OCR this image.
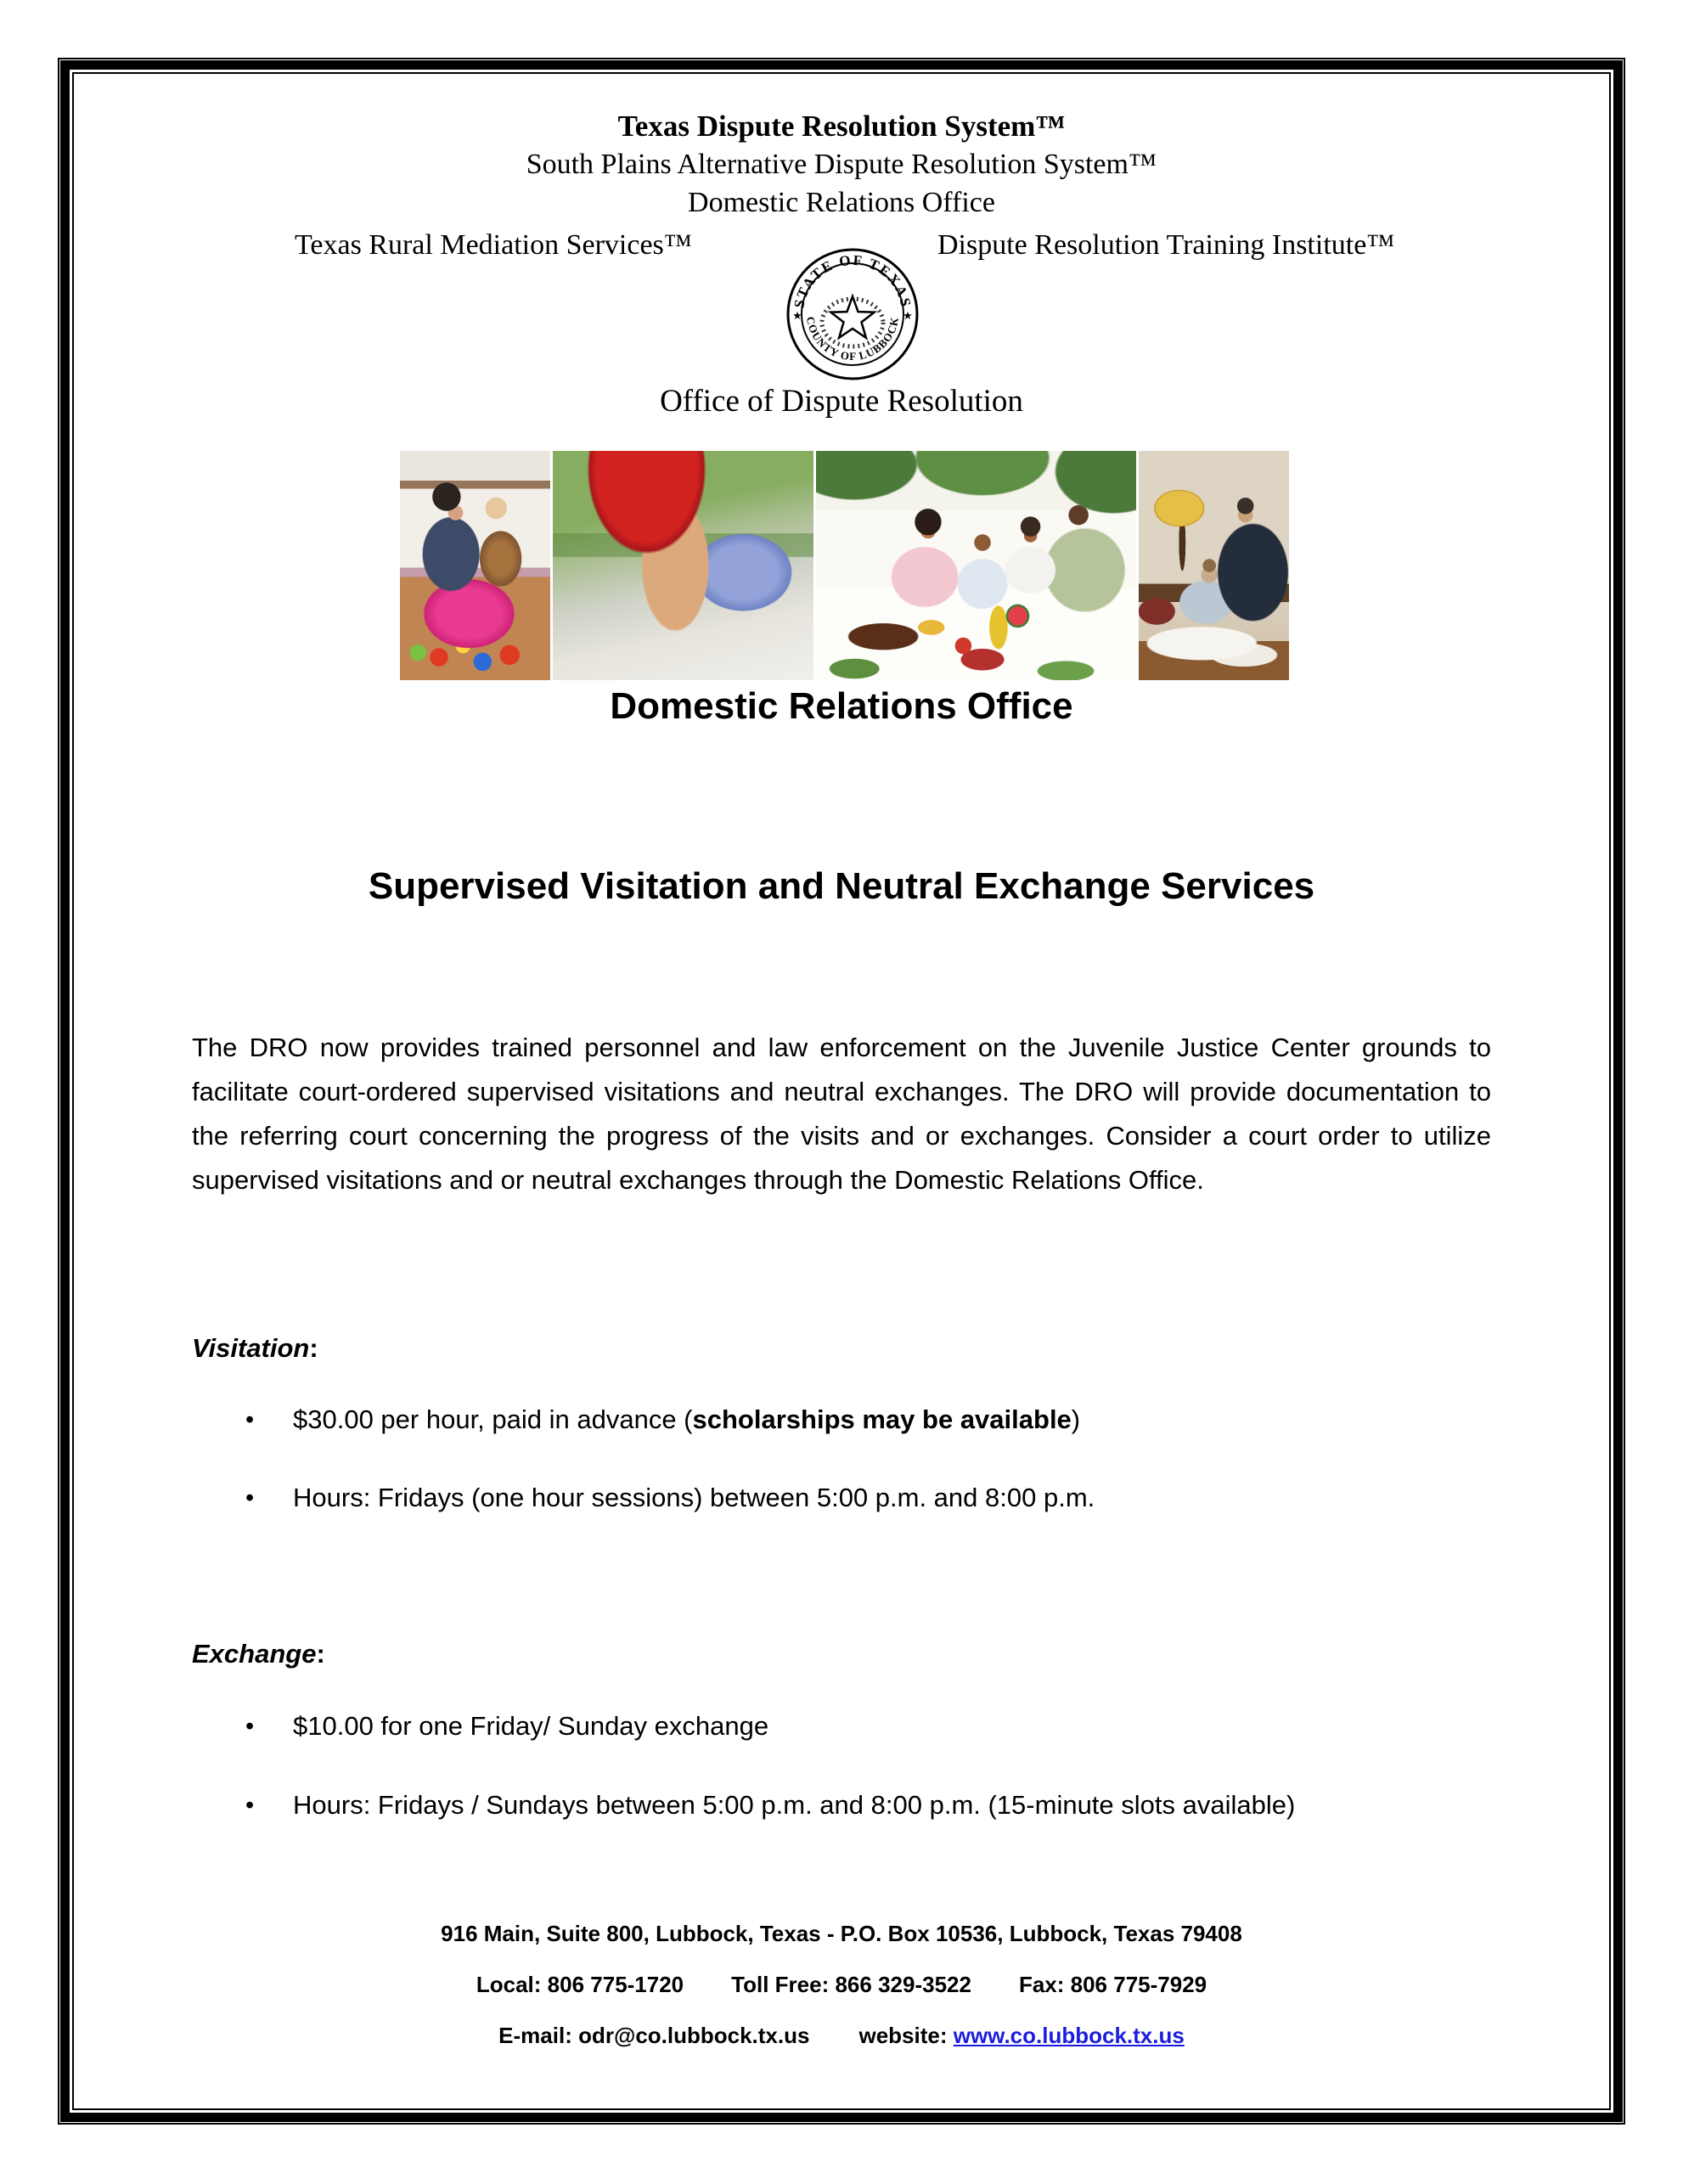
Texas Dispute Resolution System™
South Plains Alternative Dispute Resolution System™
Domestic Relations Office
Texas Rural Mediation Services™	Dispute Resolution Training Institute™
STATE OF TEXAS
COUNTY OF LUBBOCK
★	★
Office of Dispute Resolution
Domestic Relations Office
Supervised Visitation and Neutral Exchange Services
The DRO now provides trained personnel and law enforcement on the Juvenile Justice Center grounds to facilitate court-ordered supervised visitations and neutral exchanges. The DRO will provide documentation to the referring court concerning the progress of the visits and or exchanges. Consider a court order to utilize supervised visitations and or neutral exchanges through the Domestic Relations Office.
Visitation:
•	$30.00 per hour, paid in advance (scholarships may be available)
•	Hours: Fridays (one hour sessions) between 5:00 p.m. and 8:00 p.m.
Exchange:
•	$10.00 for one Friday/ Sunday exchange
•	Hours: Fridays / Sundays between 5:00 p.m. and 8:00 p.m. (15-minute slots available)
916 Main, Suite 800, Lubbock, Texas - P.O. Box 10536, Lubbock, Texas 79408
Local: 806 775-1720 Toll Free: 866 329-3522 Fax: 806 775-7929
E-mail: odr@co.lubbock.tx.us website: www.co.lubbock.tx.us
